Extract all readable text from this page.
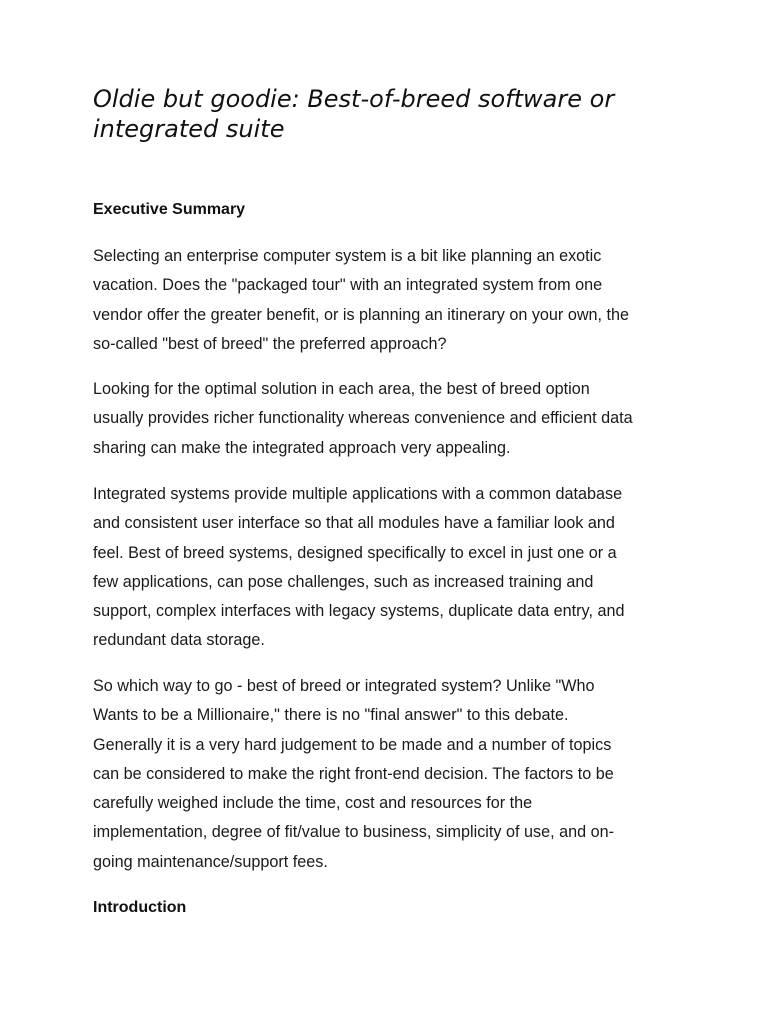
Oldie but goodie: Best-of-breed software or
integrated suite
Executive Summary

Selecting an enterprise computer system is a bit like planning an exotic
vacation. Does the "packaged tour" with an integrated system from one
vendor offer the greater benefit, or is planning an itinerary on your own, the
so-called "best of breed" the preferred approach?

Looking for the optimal solution in each area, the best of breed option
usually provides richer functionality whereas convenience and efficient data
sharing can make the integrated approach very appealing.

Integrated systems provide multiple applications with a common database
and consistent user interface so that all modules have a familiar look and
feel. Best of breed systems, designed specifically to excel in just one or a
few applications, can pose challenges, such as increased training and
support, complex interfaces with legacy systems, duplicate data entry, and
redundant data storage.

So which way to go - best of breed or integrated system? Unlike "Who
Wants to be a Millionaire," there is no "final answer" to this debate.
Generally it is a very hard judgement to be made and a number of topics
can be considered to make the right front-end decision. The factors to be
carefully weighed include the time, cost and resources for the
implementation, degree of fit/value to business, simplicity of use, and on-
going maintenance/support fees.

Introduction
